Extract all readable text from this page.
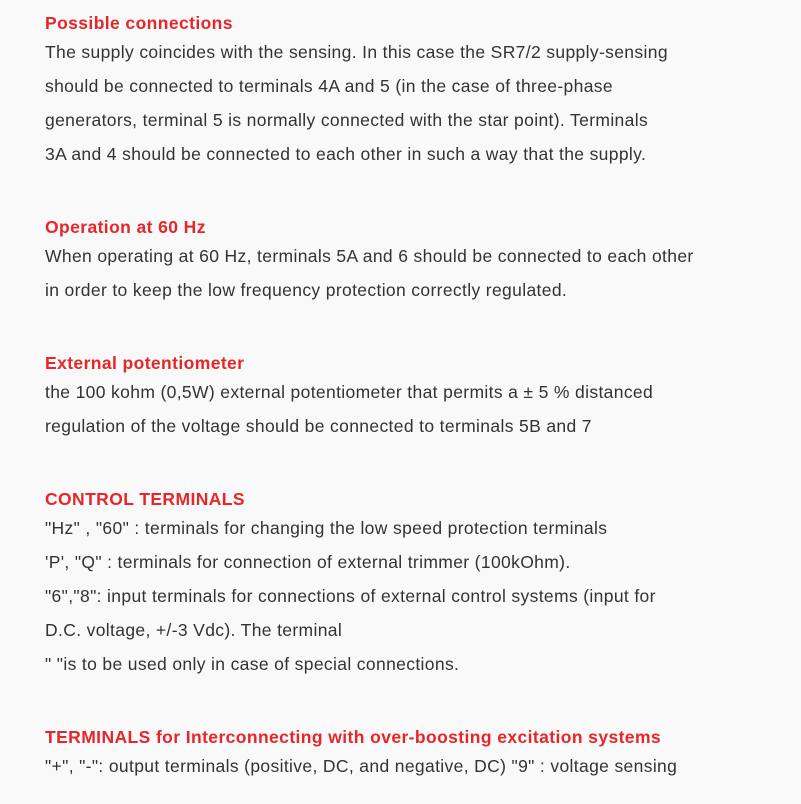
Possible connections

The supply coincides with the sensing. In this case the SR7/2 supply-sensing

should be connected to terminals 4A and 5 (in the case of three-phase

generators, terminal 5 is normally connected with the star point). Terminals

3A and 4 should be connected to each other in such a way that the supply.

Operation at 60 Hz

When operating at 60 Hz, terminals 5A and 6 should be connected to each other

in order to keep the low frequency protection correctly regulated.

External potentiometer

the 100 kohm (0,5W) external potentiometer that permits a ± 5 % distanced

regulation of the voltage should be connected to terminals 5B and 7

CONTROL TERMINALS

"Hz" , "60" : terminals for changing the low speed protection terminals

'P', "Q" : terminals for connection of external trimmer (100kOhm).

"6","8": input terminals for connections of external control systems (input for

D.C. voltage, +/-3 Vdc). The terminal

" "is to be used only in case of special connections.

TERMINALS for Interconnecting with over-boosting еxcitation systems

"+", "-": output terminals (positive, DC, and negative, DC) "9" : voltage sensing
